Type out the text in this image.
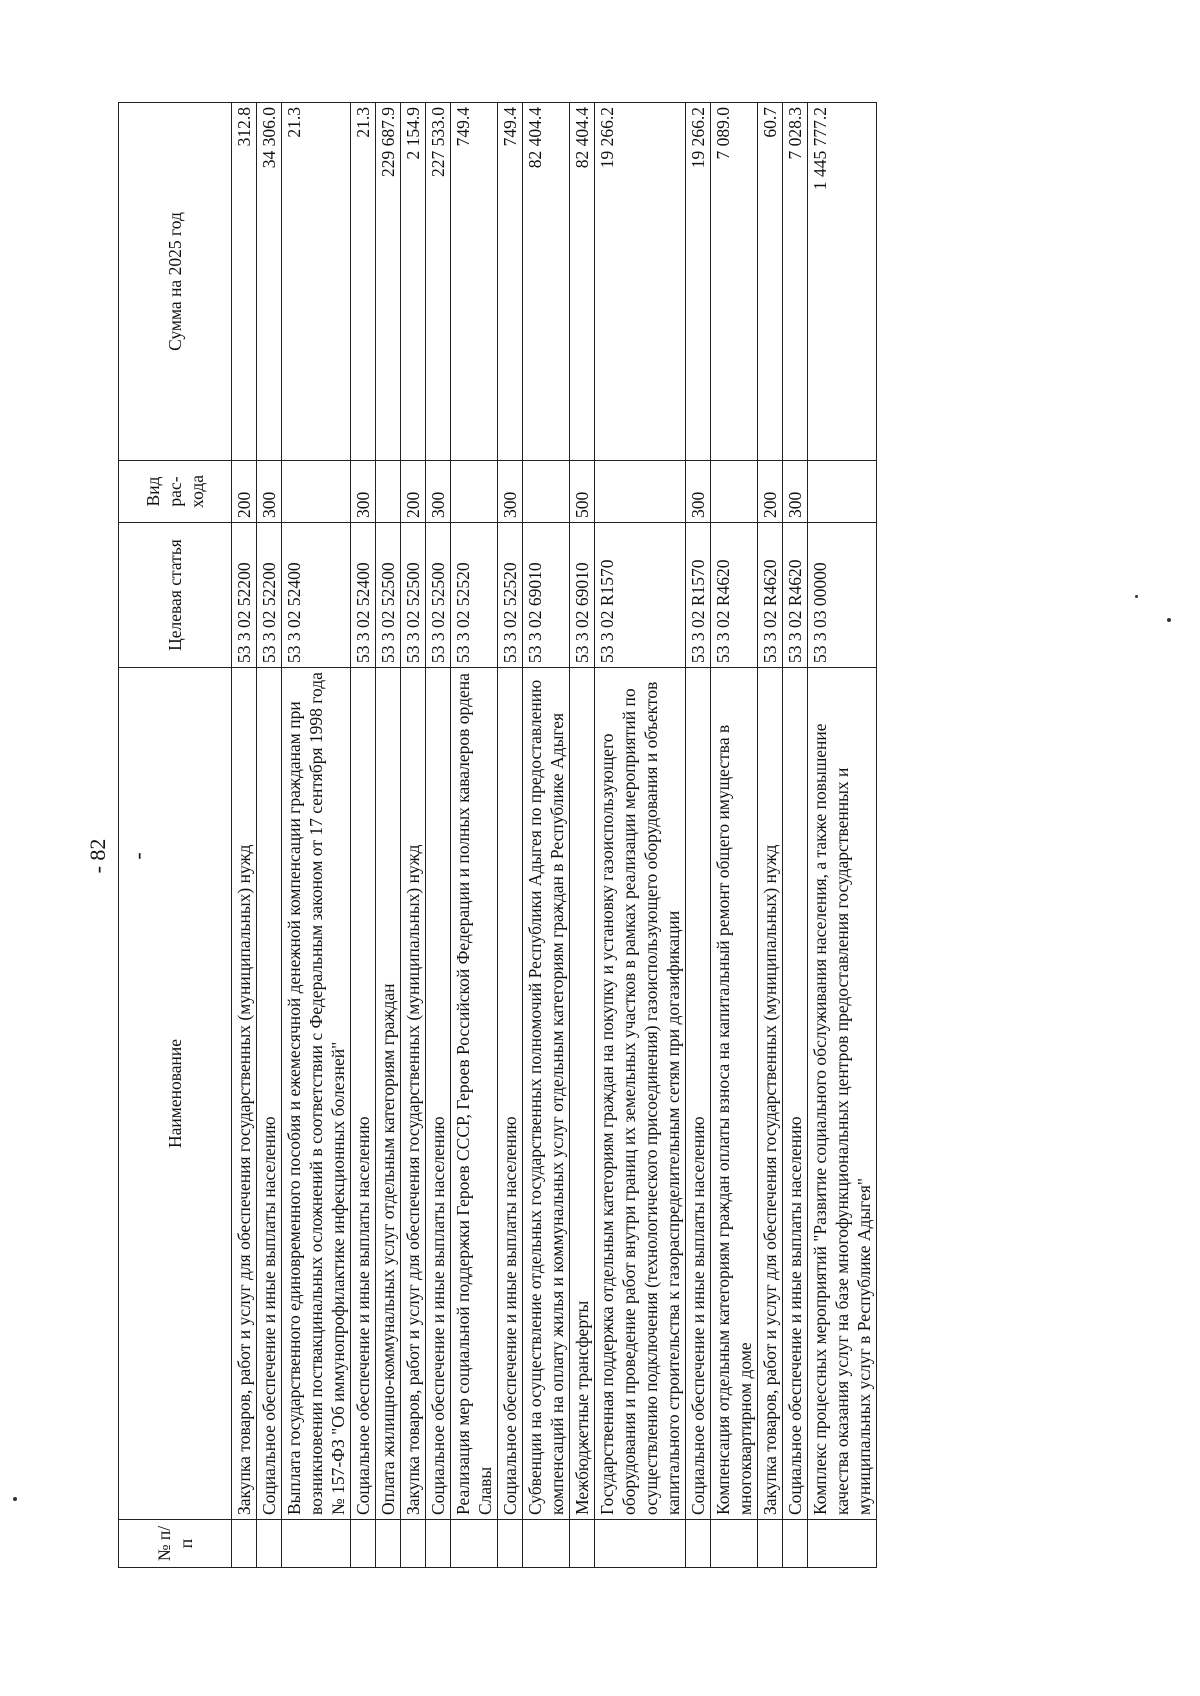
- 82 -
№ п/п	Наименование	Целевая статья	Вид рас-хода	Сумма на 2025 год
	Закупка товаров, работ и услуг для обеспечения государственных (муниципальных) нужд	53 3 02 52200	200	312.8
	Социальное обеспечение и иные выплаты населению	53 3 02 52200	300	34 306.0
	Выплата государственного единовременного пособия и ежемесячной денежной компенсации гражданам при возникновении поствакцинальных осложнений в соответствии с Федеральным законом от 17 сентября 1998 года № 157-ФЗ "Об иммунопрофилактике инфекционных болезней"	53 3 02 52400		21.3
	Социальное обеспечение и иные выплаты населению	53 3 02 52400	300	21.3
	Оплата жилищно-коммунальных услуг отдельным категориям граждан	53 3 02 52500		229 687.9
	Закупка товаров, работ и услуг для обеспечения государственных (муниципальных) нужд	53 3 02 52500	200	2 154.9
	Социальное обеспечение и иные выплаты населению	53 3 02 52500	300	227 533.0
	Реализация мер социальной поддержки Героев СССР, Героев Российской Федерации и полных кавалеров ордена Славы	53 3 02 52520		749.4
	Социальное обеспечение и иные выплаты населению	53 3 02 52520	300	749.4
	Субвенции на осуществление отдельных государственных полномочий Республики Адыгея по предоставлению компенсаций на оплату жилья и коммунальных услуг отдельным категориям граждан в Республике Адыгея	53 3 02 69010		82 404.4
	Межбюджетные трансферты	53 3 02 69010	500	82 404.4
	Государственная поддержка отдельным категориям граждан на покупку и установку газоиспользующего оборудования и проведение работ внутри границ их земельных участков в рамках реализации мероприятий по осуществлению подключения (технологического присоединения) газоиспользующего оборудования и объектов капитального строительства к газораспределительным сетям при догазификации	53 3 02 R1570		19 266.2
	Социальное обеспечение и иные выплаты населению	53 3 02 R1570	300	19 266.2
	Компенсация отдельным категориям граждан оплаты взноса на капитальный ремонт общего имущества в многоквартирном доме	53 3 02 R4620		7 089.0
	Закупка товаров, работ и услуг для обеспечения государственных (муниципальных) нужд	53 3 02 R4620	200	60.7
	Социальное обеспечение и иные выплаты населению	53 3 02 R4620	300	7 028.3
	Комплекс процессных мероприятий "Развитие социального обслуживания населения, а также повышение качества оказания услуг на базе многофункциональных центров предоставления государственных и муниципальных услуг в Республике Адыгея"	53 3 03 00000		1 445 777.2
